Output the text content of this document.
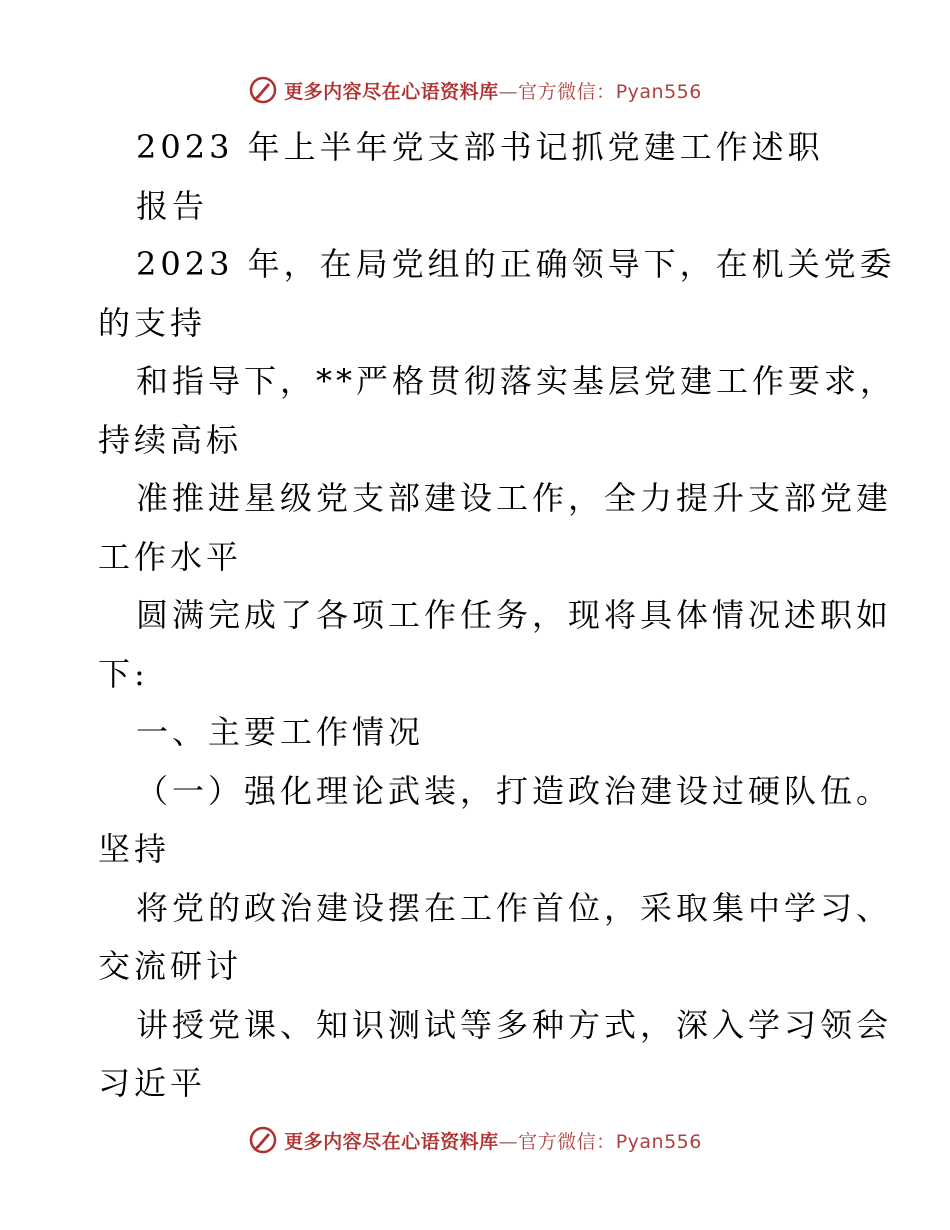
更多内容尽在心语资料库—官方微信：Pyan556
2023 年上半年党支部书记抓党建工作述职
报告
2023 年，在局党组的正确领导下，在机关党委
的支持
和指导下，**严格贯彻落实基层党建工作要求，
持续高标
准推进星级党支部建设工作，全力提升支部党建
工作水平
圆满完成了各项工作任务，现将具体情况述职如
下:
一、主要工作情况
（一）强化理论武装，打造政治建设过硬队伍。
坚持
将党的政治建设摆在工作首位，采取集中学习、
交流研讨
讲授党课、知识测试等多种方式，深入学习领会
习近平
更多内容尽在心语资料库—官方微信：Pyan556
